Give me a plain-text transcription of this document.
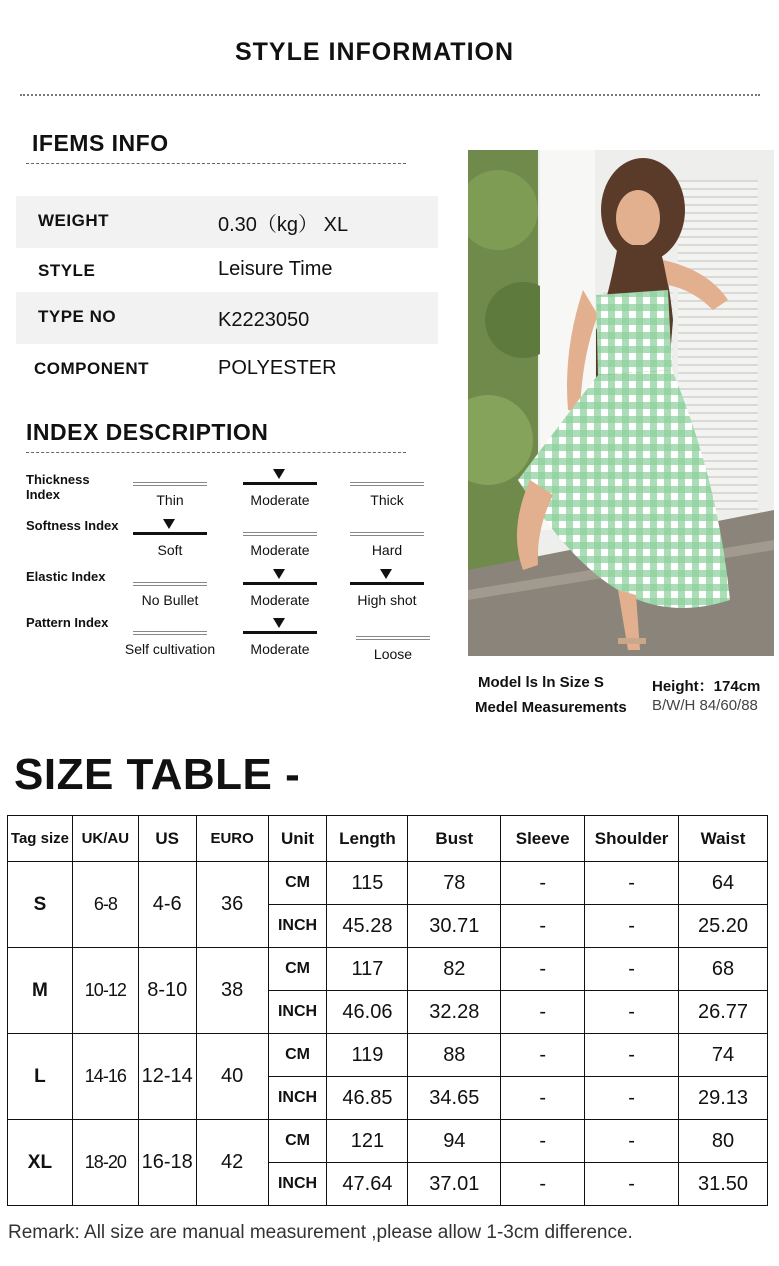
STYLE INFORMATION
IFEMS INFO
WEIGHT	0.30（kg） XL
STYLE	Leisure Time
TYPE NO	K2223050
COMPONENT	POLYESTER
INDEX DESCRIPTION
Thickness Index	Thin	Moderate	Thick
Softness Index
Soft	Moderate	Hard
Elastic Index
No Bullet	Moderate	High shot
Pattern Index
Self cultivation	Moderate	Loose
Model ls ln Size S
Medel Measurements
Height：174cm
B/W/H 84/60/88
SIZE TABLE -
Tag size	UK/AU	US	EURO	Unit	Length	Bust	Sleeve	Shoulder	Waist
S	6-8	4-6	36	CM	115	78	-	-	64
				INCH	45.28	30.71	-	-	25.20
M	10-12	8-10	38	CM	117	82	-	-	68
				INCH	46.06	32.28	-	-	26.77
L	14-16	12-14	40	CM	119	88	-	-	74
				INCH	46.85	34.65	-	-	29.13
XL	18-20	16-18	42	CM	121	94	-	-	80
				INCH	47.64	37.01	-	-	31.50
Remark: All size are manual measurement ,please allow 1-3cm difference.
